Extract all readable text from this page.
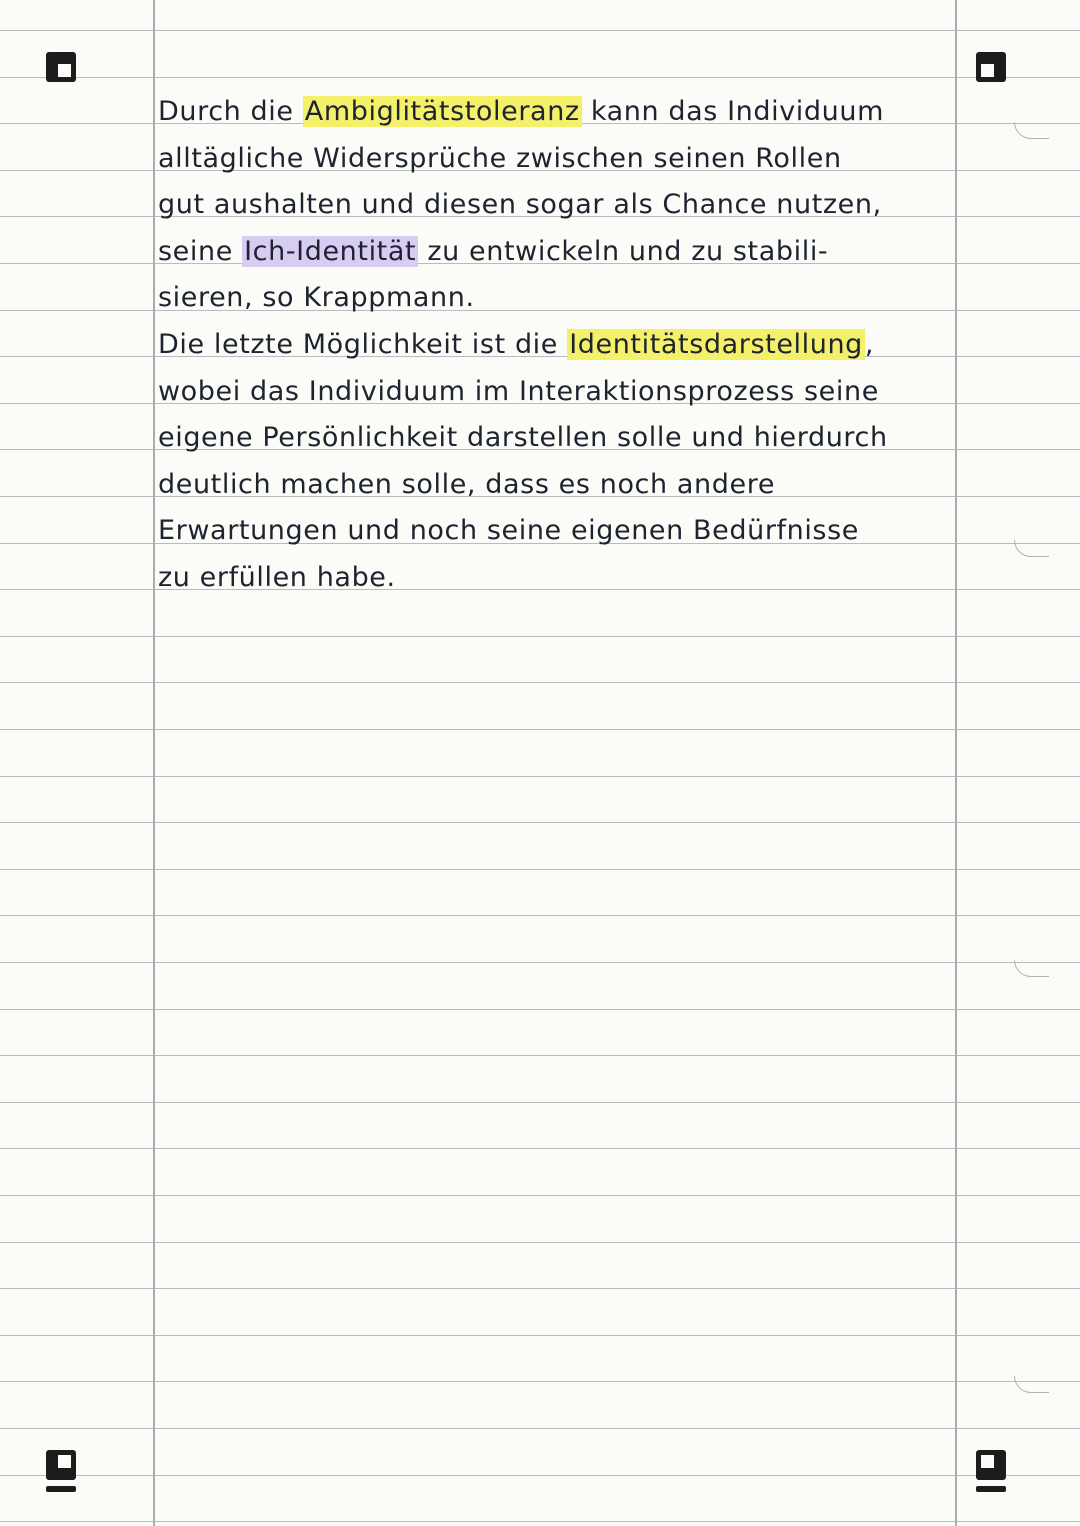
Durch die Ambiglitätstoleranz kann das Individuum
alltägliche Widersprüche zwischen seinen Rollen
gut aushalten und diesen sogar als Chance nutzen,
seine Ich-Identität zu entwickeln und zu stabili-
sieren, so Krappmann.
Die letzte Möglichkeit ist die Identitätsdarstellung,
wobei das Individuum im Interaktionsprozess seine
eigene Persönlichkeit darstellen solle und hierdurch
deutlich machen solle, dass es noch andere
Erwartungen und noch seine eigenen Bedürfnisse
zu erfüllen habe.
